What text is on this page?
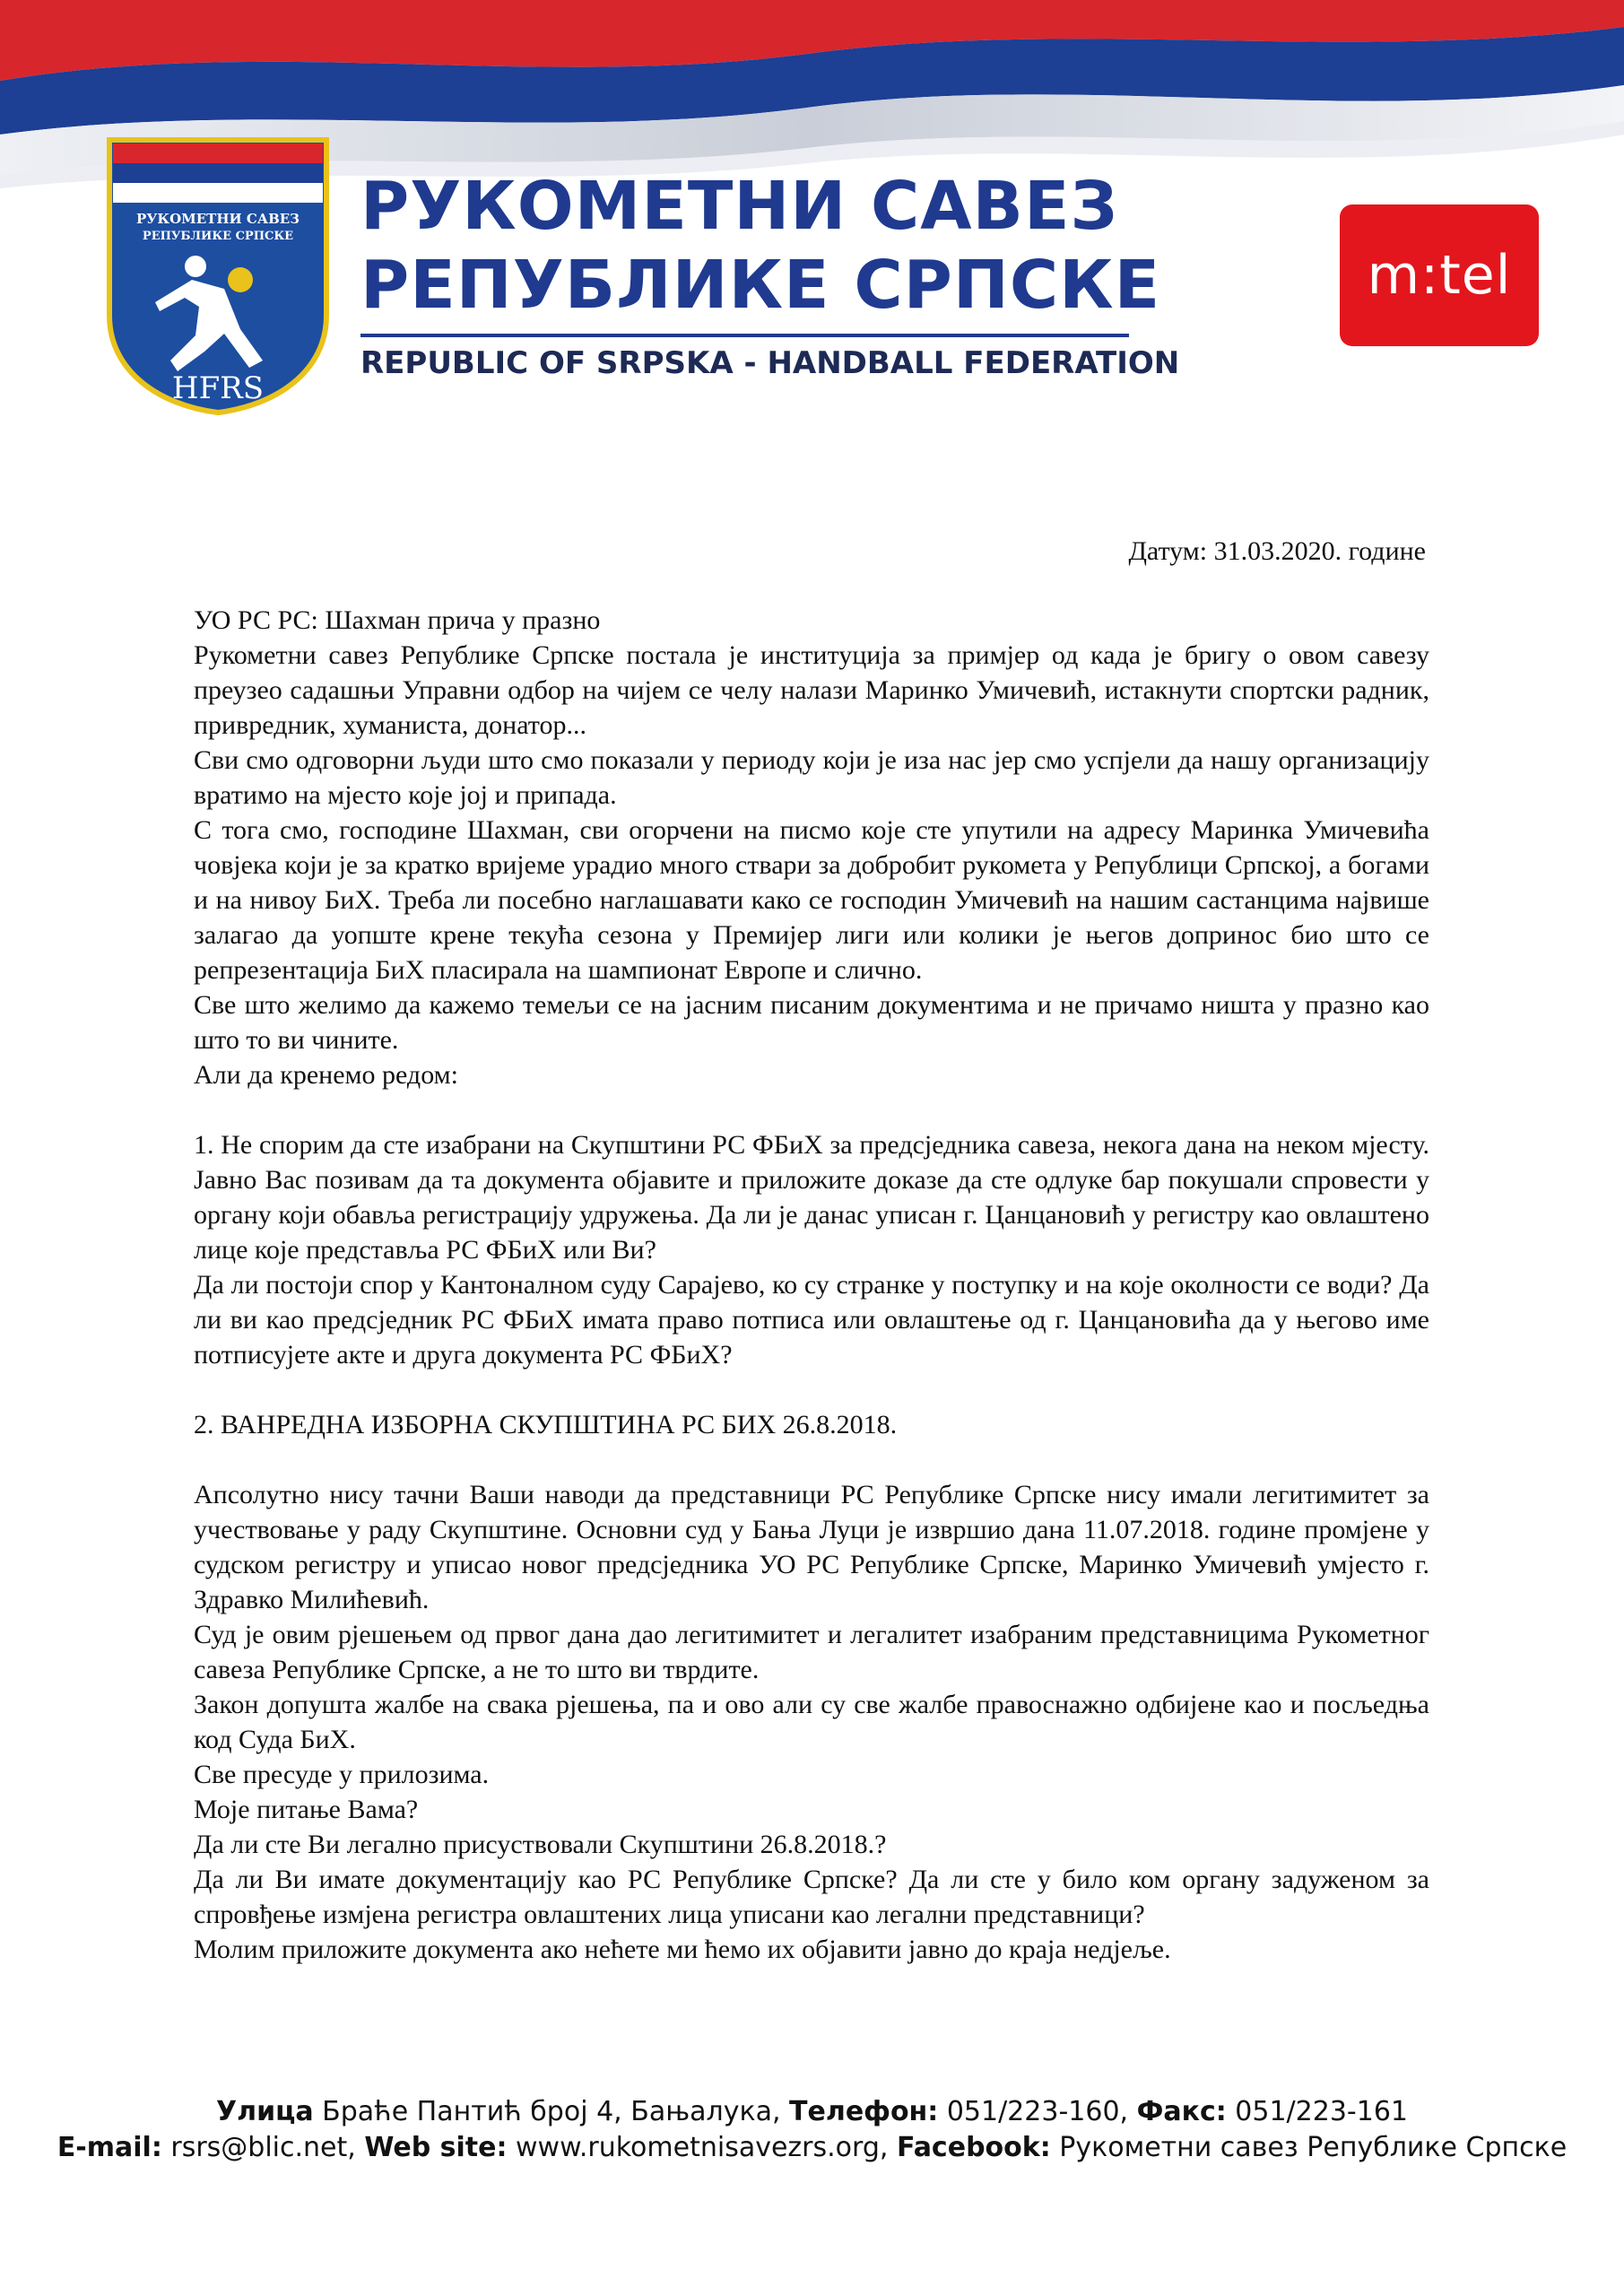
РУКОМЕТНИ САВЕЗ
РЕПУБЛИКЕ СРПСКЕ
HFRS
РУКОМЕТНИ САВЕЗ
РЕПУБЛИКЕ СРПСКЕ
REPUBLIC OF SRPSKA - HANDBALL FEDERATION
m:tel
Датум: 31.03.2020. године

УО РС РС: Шахман прича у празно

Рукометни савез Републике Српске постала је институција за примјер од када је бригу о овом савезу преузео садашњи Управни одбор на чијем се челу налази Маринко Умичевић, истакнути спортски радник, привредник, хуманиста, донатор...

Сви смо одговорни људи што смо показали у периоду који је иза нас јер смо успјели да нашу организацију вратимо на мјесто које јој и припада.

С тога смо, господине Шахман, сви огорчени на писмо које сте упутили на адресу Маринка Умичевића човјека који је за кратко вријеме урадио много ствари за добробит рукомета у Републици Српској, а богами и на нивоу БиХ. Треба ли посебно наглашавати како се господин Умичевић на нашим састанцима највише залагао да уопште крене текућа сезона у Премијер лиги или колики је његов допринос био што се репрезентација БиХ пласирала на шампионат Европе и слично.

Све што желимо да кажемо темељи се на јасним писаним документима и не причамо ништа у празно као што то ви чините.

Али да кренемо редом:

1. Не спорим да сте изабрани на Скупштини РС ФБиХ за предсједника савеза, некога дана на неком мјесту. Јавно Вас позивам да та документа објавите и приложите доказе да сте одлуке бар покушали спровести у органу који обавља регистрацију удружења. Да ли је данас уписан г. Цанцановић у регистру као овлаштено лице које представља РС ФБиХ или Ви?

Да ли постоји спор у Кантоналном суду Сарајево, ко су странке у поступку и на које околности се води? Да ли ви као предсједник РС ФБиХ имата право потписа или овлаштење од г. Цанцановића да у његово име потписујете акте и друга документа РС ФБиХ?

2. ВАНРЕДНА ИЗБОРНА СКУПШТИНА РС БИХ 26.8.2018.

Апсолутно нису тачни Ваши наводи да представници РС Републике Српске нису имали легитимитет за учествовање у раду Скупштине. Основни суд у Бања Луци је извршио дана 11.07.2018. године промјене у судском регистру и уписао новог предсједника УО РС Републике Српске, Маринко Умичевић умјесто г. Здравко Милићевић.

Суд је овим рјешењем од првог дана дао легитимитет и легалитет изабраним представницима Рукометног савеза Републике Српске, а не то што ви тврдите.

Закон допушта жалбе на свака рјешења, па и ово али су све жалбе правоснажно одбијене као и посљедња код Суда БиХ.

Све пресуде у прилозима.

Моје питање Вама?

Да ли сте Ви легално присуствовали Скупштини 26.8.2018.?

Да ли Ви имате документацију као РС Републике Српске? Да ли сте у било ком органу задуженом за спровђење измјена регистра овлаштених лица уписани као легални представници?

Молим приложите документа ако нећете ми ћемо их објавити јавно до краја недјеље.

Улица Браће Пантић број 4, Бањалука, Телефон: 051/223-160, Факс: 051/223-161
E-mail: rsrs@blic.net, Web site: www.rukometnisavezrs.org, Facebook: Рукометни савез Републике Српске
